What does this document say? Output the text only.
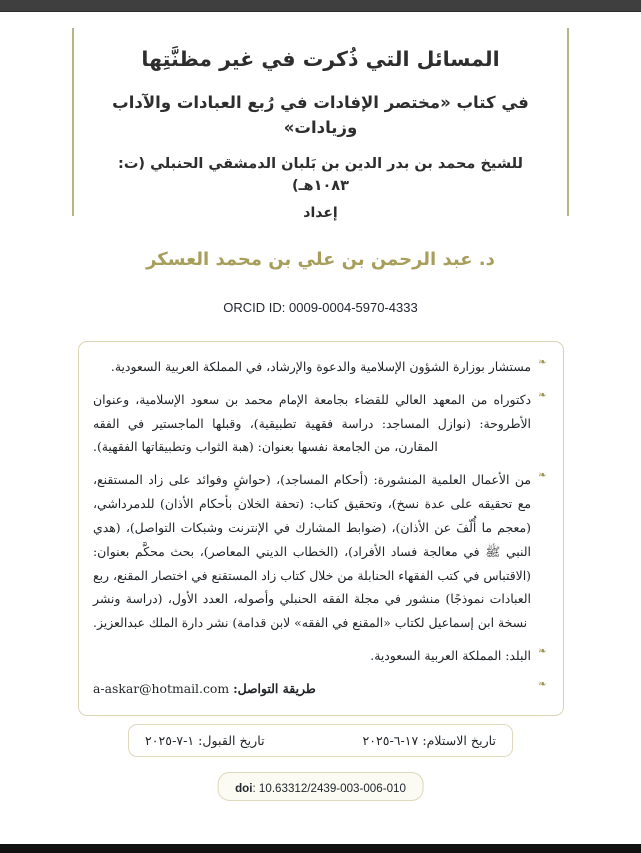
المسائل التي ذُكرت في غير مظنَّتِها
في كتاب «مختصر الإفادات في رُبع العبادات والآداب وزيادات»
للشيخ محمد بن بدر الدين بن بَلبان الدمشقي الحنبلي (ت: ١٠٨٣هـ)
إعداد
د. عبد الرحمن بن علي بن محمد العسكر
ORCID ID: 0009-0004-5970-4333
❧
مستشار بوزارة الشؤون الإسلامية والدعوة والإرشاد، في المملكة العربية السعودية.
❧
دكتوراه من المعهد العالي للقضاء بجامعة الإمام محمد بن سعود الإسلامية، وعنوان الأطروحة: (نوازل المساجد: دراسة فقهية تطبيقية)، وقبلها الماجستير في الفقه المقارن، من الجامعة نفسها بعنوان: (هبة الثواب وتطبيقاتها الفقهية).
❧
من الأعمال العلمية المنشورة: (أحكام المساجد)، (حواشٍ وفوائد على زاد المستقنع، مع تحقيقه على عدة نسخ)، وتحقيق كتاب: (تحفة الخلان بأحكام الأذان) للدمرداشي، (معجم ما أُلّفَ عن الأذان)، (ضوابط المشارك في الإنترنت وشبكات التواصل)، (هدي النبي ﷺ في معالجة فساد الأفراد)، (الخطاب الديني المعاصر)، بحث محكَّم بعنوان: (الاقتباس في كتب الفقهاء الحنابلة من خلال كتاب زاد المستقنع في اختصار المقنع، ربع العبادات نموذجًا) منشور في مجلة الفقه الحنبلي وأصوله، العدد الأول، (دراسة ونشر نسخة ابن إسماعيل لكتاب «المقنع في الفقه» لابن قدامة) نشر دارة الملك عبدالعزيز.
❧
البلد: المملكة العربية السعودية.
❧
طريقة التواصل: a-askar@hotmail.com
تاريخ الاستلام: ١٧-٦-٢٠٢٥
تاريخ القبول: ١-٧-٢٠٢٥
doi: 10.63312/2439-003-006-010
